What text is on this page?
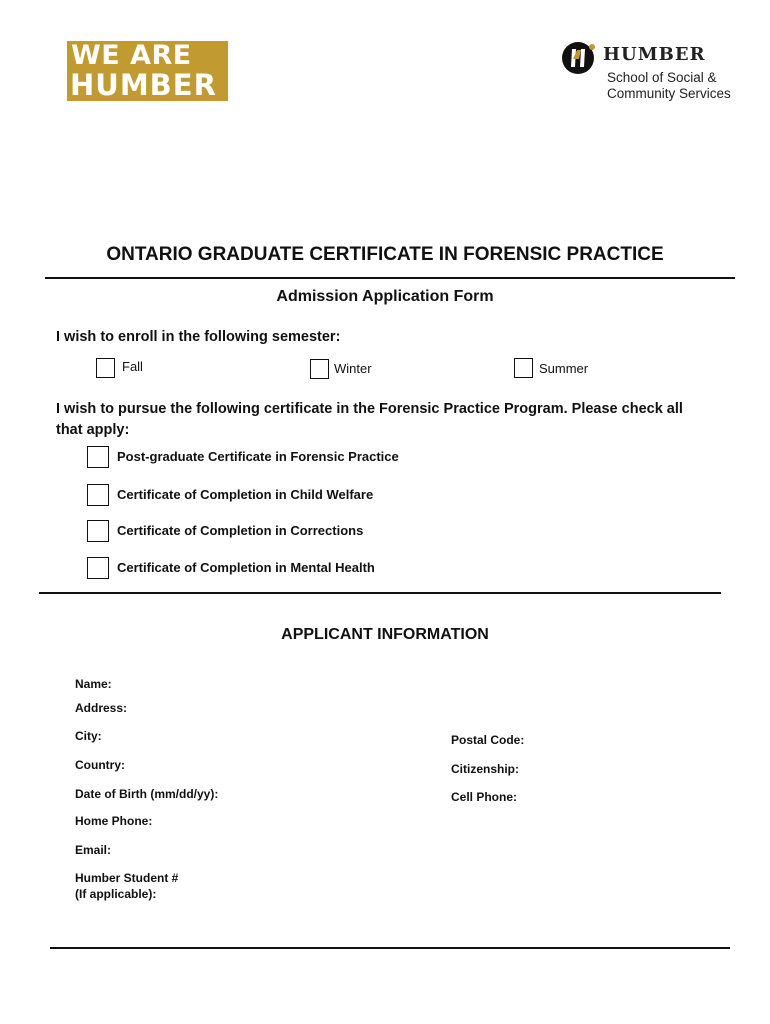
WE ARE
HUMBER
HUMBER
School of Social &
Community Services
ONTARIO GRADUATE CERTIFICATE IN FORENSIC PRACTICE
Admission Application Form
I wish to enroll in the following semester:
Fall	Winter	Summer
I wish to pursue the following certificate in the Forensic Practice Program. Please check all
that apply:
Post-graduate Certificate in Forensic Practice
Certificate of Completion in Child Welfare
Certificate of Completion in Corrections
Certificate of Completion in Mental Health
APPLICANT INFORMATION
Name:
Address:
City:	Postal Code:
Country:	Citizenship:
Date of Birth (mm/dd/yy):	Cell Phone:
Home Phone:
Email:
Humber Student #
(If applicable):
